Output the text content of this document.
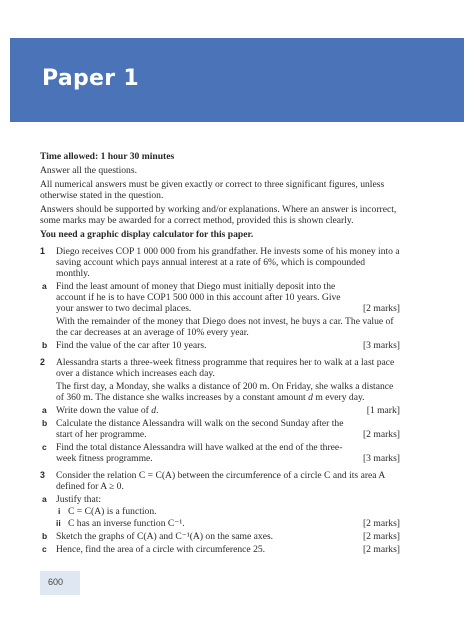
Paper 1

Time allowed: 1 hour 30 minutes

Answer all the questions.

All numerical answers must be given exactly or correct to three significant figures, unless otherwise stated in the question.

Answers should be supported by working and/or explanations. Where an answer is incorrect, some marks may be awarded for a correct method, provided this is shown clearly.

You need a graphic display calculator for this paper.

1 Diego receives COP 1 000 000 from his grandfather. He invests some of his money into a saving account which pays annual interest at a rate of 6%, which is compounded monthly.
a Find the least amount of money that Diego must initially deposit into the account if he is to have COP1 500 000 in this account after 10 years. Give your answer to two decimal places.	[2 marks]
With the remainder of the money that Diego does not invest, he buys a car. The value of the car decreases at an average of 10% every year.
b Find the value of the car after 10 years.	[3 marks]
2 Alessandra starts a three-week fitness programme that requires her to walk at a last pace over a distance which increases each day.
The first day, a Monday, she walks a distance of 200 m. On Friday, she walks a distance of 360 m. The distance she walks increases by a constant amount d m every day.
a Write down the value of d.	[1 mark]
b Calculate the distance Alessandra will walk on the second Sunday after the start of her programme.	[2 marks]
c Find the total distance Alessandra will have walked at the end of the three-week fitness programme.	[3 marks]
3 Consider the relation C = C(A) between the circumference of a circle C and its area A defined for A ≥ 0.
a Justify that:
i C = C(A) is a function.
ii C has an inverse function C⁻¹.	[2 marks]
b Sketch the graphs of C(A) and C⁻¹(A) on the same axes.	[2 marks]
c Hence, find the area of a circle with circumference 25.	[2 marks]
600
